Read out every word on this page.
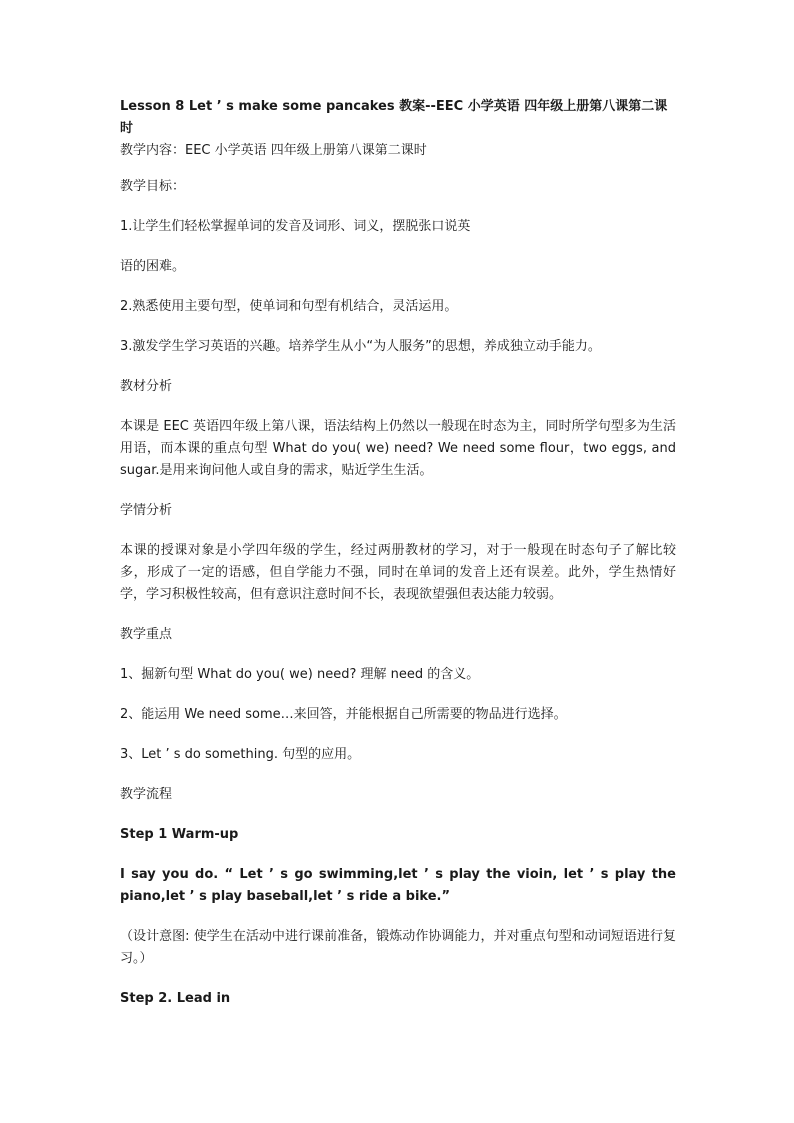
Lesson 8 Let ’ s make some pancakes 教案--EEC 小学英语 四年级上册第八课第二课时

教学内容：EEC 小学英语 四年级上册第八课第二课时

教学目标：

1.让学生们轻松掌握单词的发音及词形、词义，摆脱张口说英

语的困难。

2.熟悉使用主要句型，使单词和句型有机结合，灵活运用。

3.激发学生学习英语的兴趣。培养学生从小“为人服务”的思想，养成独立动手能力。

教材分析

本课是 EEC 英语四年级上第八课，语法结构上仍然以一般现在时态为主，同时所学句型多为生活用语，而本课的重点句型 What do you( we) need? We need some flour，two eggs, and sugar.是用来询问他人或自身的需求，贴近学生生活。

学情分析

本课的授课对象是小学四年级的学生，经过两册教材的学习，对于一般现在时态句子了解比较多，形成了一定的语感，但自学能力不强，同时在单词的发音上还有误差。此外，学生热情好学，学习积极性较高，但有意识注意时间不长，表现欲望强但表达能力较弱。

教学重点

1、掘新句型 What do you( we) need? 理解 need 的含义。

2、能运用 We need some…来回答，并能根据自己所需要的物品进行选择。

3、Let ’ s do something. 句型的应用。

教学流程

Step 1 Warm-up

I say you do. “ Let ’ s go swimming,let ’ s play the vioin, let ’ s play the piano,let ’ s play baseball,let ’ s ride a bike.”

（设计意图: 使学生在活动中进行课前准备，锻炼动作协调能力，并对重点句型和动词短语进行复习。）

Step 2. Lead in
